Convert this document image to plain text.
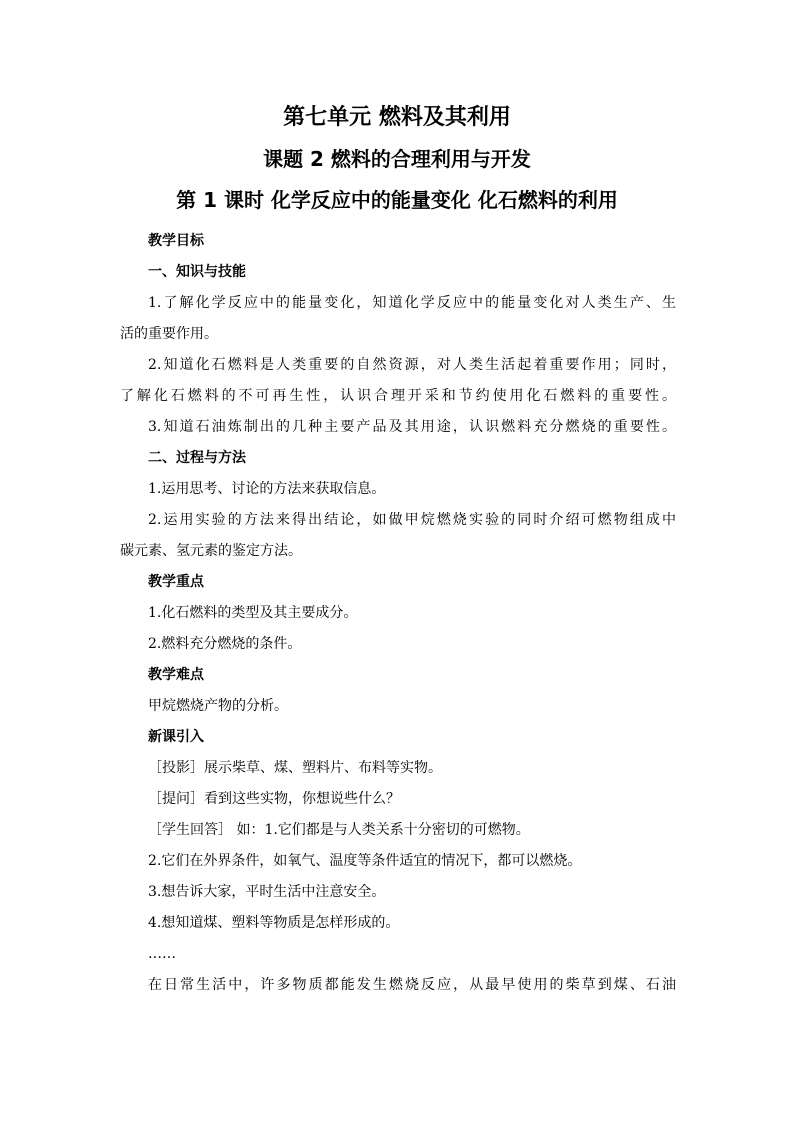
第七单元 燃料及其利用
课题 2 燃料的合理利用与开发
第 1 课时 化学反应中的能量变化 化石燃料的利用
教学目标
一、知识与技能
1.了解化学反应中的能量变化，知道化学反应中的能量变化对人类生产、生
活的重要作用。
2.知道化石燃料是人类重要的自然资源，对人类生活起着重要作用；同时，
了解化石燃料的不可再生性，认识合理开采和节约使用化石燃料的重要性。
3.知道石油炼制出的几种主要产品及其用途，认识燃料充分燃烧的重要性。
二、过程与方法
1.运用思考、讨论的方法来获取信息。
2.运用实验的方法来得出结论，如做甲烷燃烧实验的同时介绍可燃物组成中
碳元素、氢元素的鉴定方法。
教学重点
1.化石燃料的类型及其主要成分。
2.燃料充分燃烧的条件。
教学难点
甲烷燃烧产物的分析。
新课引入
［投影］展示柴草、煤、塑料片、布料等实物。
［提问］看到这些实物，你想说些什么？
［学生回答］ 如：1.它们都是与人类关系十分密切的可燃物。
2.它们在外界条件，如氧气、温度等条件适宜的情况下，都可以燃烧。
3.想告诉大家，平时生活中注意安全。
4.想知道煤、塑料等物质是怎样形成的。
……
在日常生活中，许多物质都能发生燃烧反应，从最早使用的柴草到煤、石油
